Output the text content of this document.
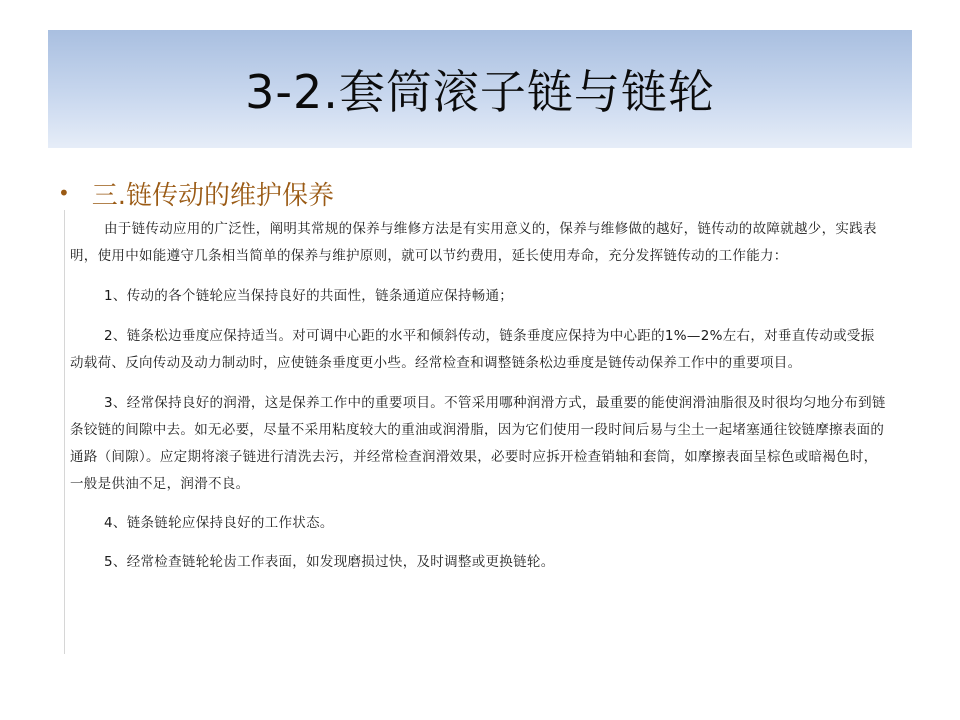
3-2.套筒滚子链与链轮
• 三.链传动的维护保养

由于链传动应用的广泛性，阐明其常规的保养与维修方法是有实用意义的，保养与维修做的越好，链传动的故障就越少，实践表明，使用中如能遵守几条相当简单的保养与维护原则，就可以节约费用，延长使用寿命，充分发挥链传动的工作能力：

1、传动的各个链轮应当保持良好的共面性，链条通道应保持畅通；

2、链条松边垂度应保持适当。对可调中心距的水平和倾斜传动，链条垂度应保持为中心距的1%—2%左右，对垂直传动或受振动载荷、反向传动及动力制动时，应使链条垂度更小些。经常检查和调整链条松边垂度是链传动保养工作中的重要项目。

3、经常保持良好的润滑，这是保养工作中的重要项目。不管采用哪种润滑方式，最重要的能使润滑油脂很及时很均匀地分布到链条铰链的间隙中去。如无必要，尽量不采用粘度较大的重油或润滑脂，因为它们使用一段时间后易与尘土一起堵塞通往铰链摩擦表面的通路（间隙）。应定期将滚子链进行清洗去污，并经常检查润滑效果，必要时应拆开检查销轴和套筒，如摩擦表面呈棕色或暗褐色时，一般是供油不足，润滑不良。

4、链条链轮应保持良好的工作状态。

5、经常检查链轮轮齿工作表面，如发现磨损过快，及时调整或更换链轮。
